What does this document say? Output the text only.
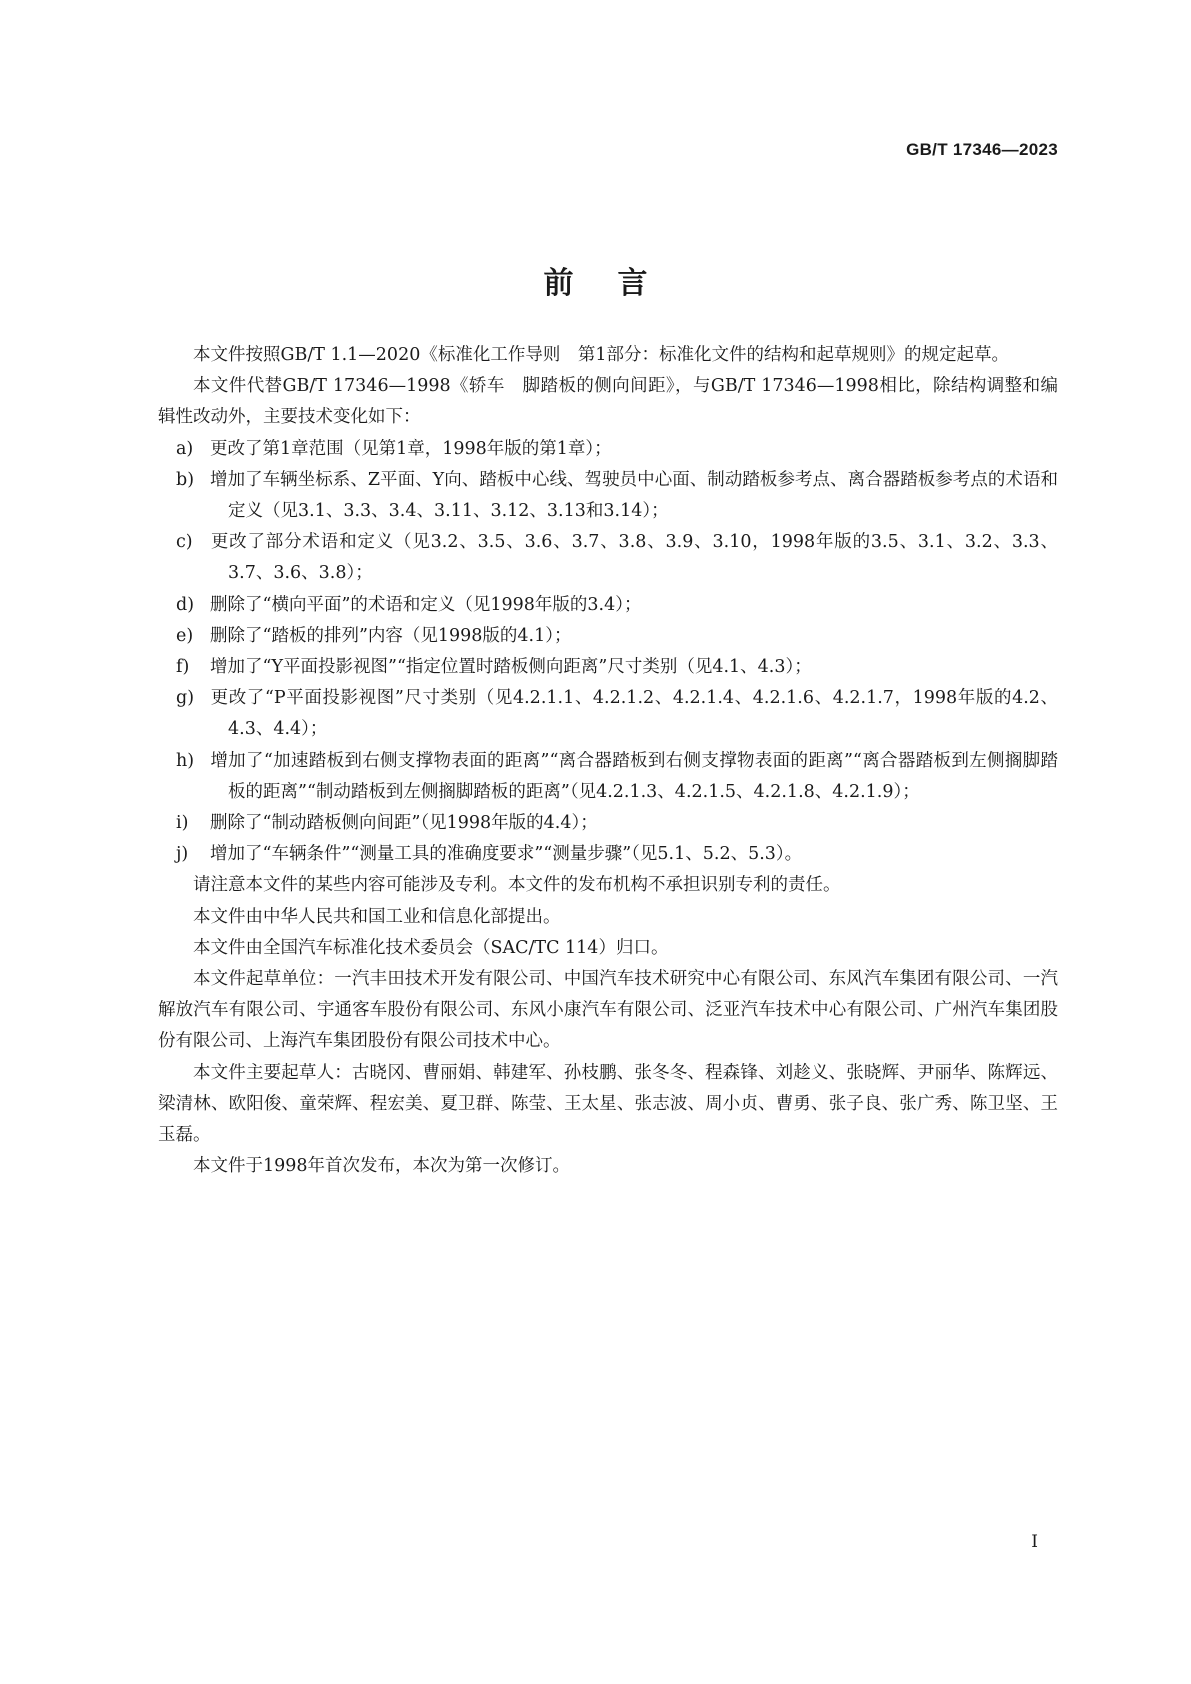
GB/T 17346—2023
前言

本文件按照GB/T 1.1—2020《标准化工作导则　第1部分：标准化文件的结构和起草规则》的规定起草。

本文件代替GB/T 17346—1998《轿车　脚踏板的侧向间距》，与GB/T 17346—1998相比，除结构调整和编辑性改动外，主要技术变化如下：

a) 更改了第1章范围（见第1章，1998年版的第1章）；

b) 增加了车辆坐标系、Z平面、Y向、踏板中心线、驾驶员中心面、制动踏板参考点、离合器踏板参考点的术语和定义（见3.1、3.3、3.4、3.11、3.12、3.13和3.14）；

c) 更改了部分术语和定义（见3.2、3.5、3.6、3.7、3.8、3.9、3.10，1998年版的3.5、3.1、3.2、3.3、3.7、3.6、3.8）；

d) 删除了“横向平面”的术语和定义（见1998年版的3.4）；

e) 删除了“踏板的排列”内容（见1998版的4.1）；

f) 增加了“Y平面投影视图”“指定位置时踏板侧向距离”尺寸类别（见4.1、4.3）；

g) 更改了“P平面投影视图”尺寸类别（见4.2.1.1、4.2.1.2、4.2.1.4、4.2.1.6、4.2.1.7，1998年版的4.2、4.3、4.4）；

h) 增加了“加速踏板到右侧支撑物表面的距离”“离合器踏板到右侧支撑物表面的距离”“离合器踏板到左侧搁脚踏板的距离”“制动踏板到左侧搁脚踏板的距离”（见4.2.1.3、4.2.1.5、4.2.1.8、4.2.1.9）；

i) 删除了“制动踏板侧向间距”（见1998年版的4.4）；

j) 增加了“车辆条件”“测量工具的准确度要求”“测量步骤”（见5.1、5.2、5.3）。

请注意本文件的某些内容可能涉及专利。本文件的发布机构不承担识别专利的责任。

本文件由中华人民共和国工业和信息化部提出。

本文件由全国汽车标准化技术委员会（SAC/TC 114）归口。

本文件起草单位：一汽丰田技术开发有限公司、中国汽车技术研究中心有限公司、东风汽车集团有限公司、一汽解放汽车有限公司、宇通客车股份有限公司、东风小康汽车有限公司、泛亚汽车技术中心有限公司、广州汽车集团股份有限公司、上海汽车集团股份有限公司技术中心。

本文件主要起草人：古晓冈、曹丽娟、韩建军、孙枝鹏、张冬冬、程森锋、刘趁义、张晓辉、尹丽华、陈辉远、梁清林、欧阳俊、童荣辉、程宏美、夏卫群、陈莹、王太星、张志波、周小贞、曹勇、张子良、张广秀、陈卫坚、王玉磊。

本文件于1998年首次发布，本次为第一次修订。

I
